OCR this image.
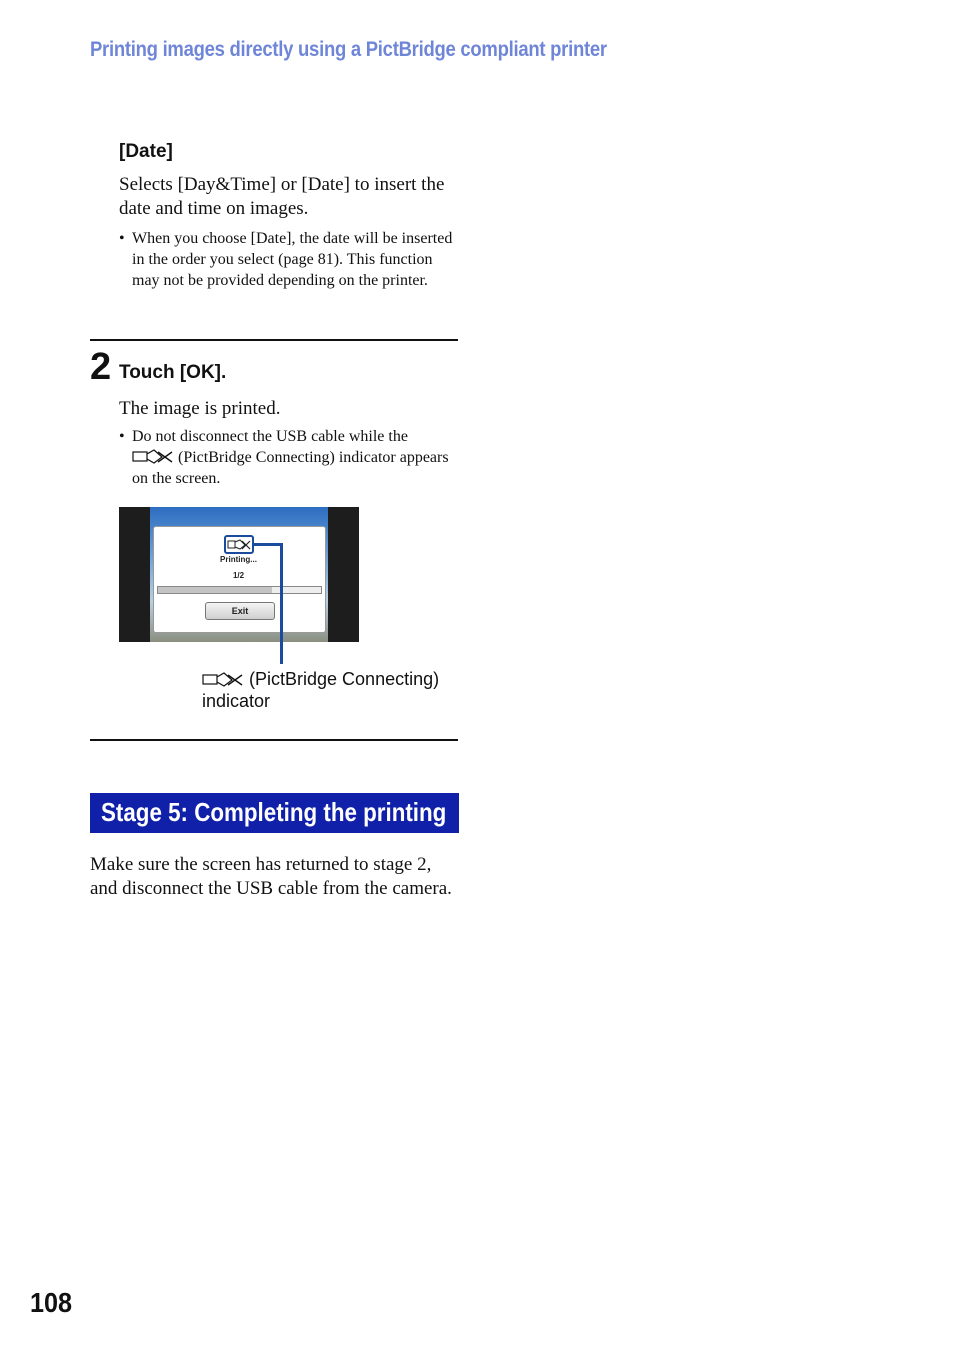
Printing images directly using a PictBridge compliant printer
[Date]
Selects [Day&Time] or [Date] to insert the date and time on images.
• When you choose [Date], the date will be inserted in the order you select (page 81). This function may not be provided depending on the printer.
2 Touch [OK].
The image is printed.
• Do not disconnect the USB cable while the
(PictBridge Connecting) indicator appears on the screen.
Printing...
1/2
Exit
(PictBridge Connecting)
indicator
Stage 5: Completing the printing
Make sure the screen has returned to stage 2, and disconnect the USB cable from the camera.
108
